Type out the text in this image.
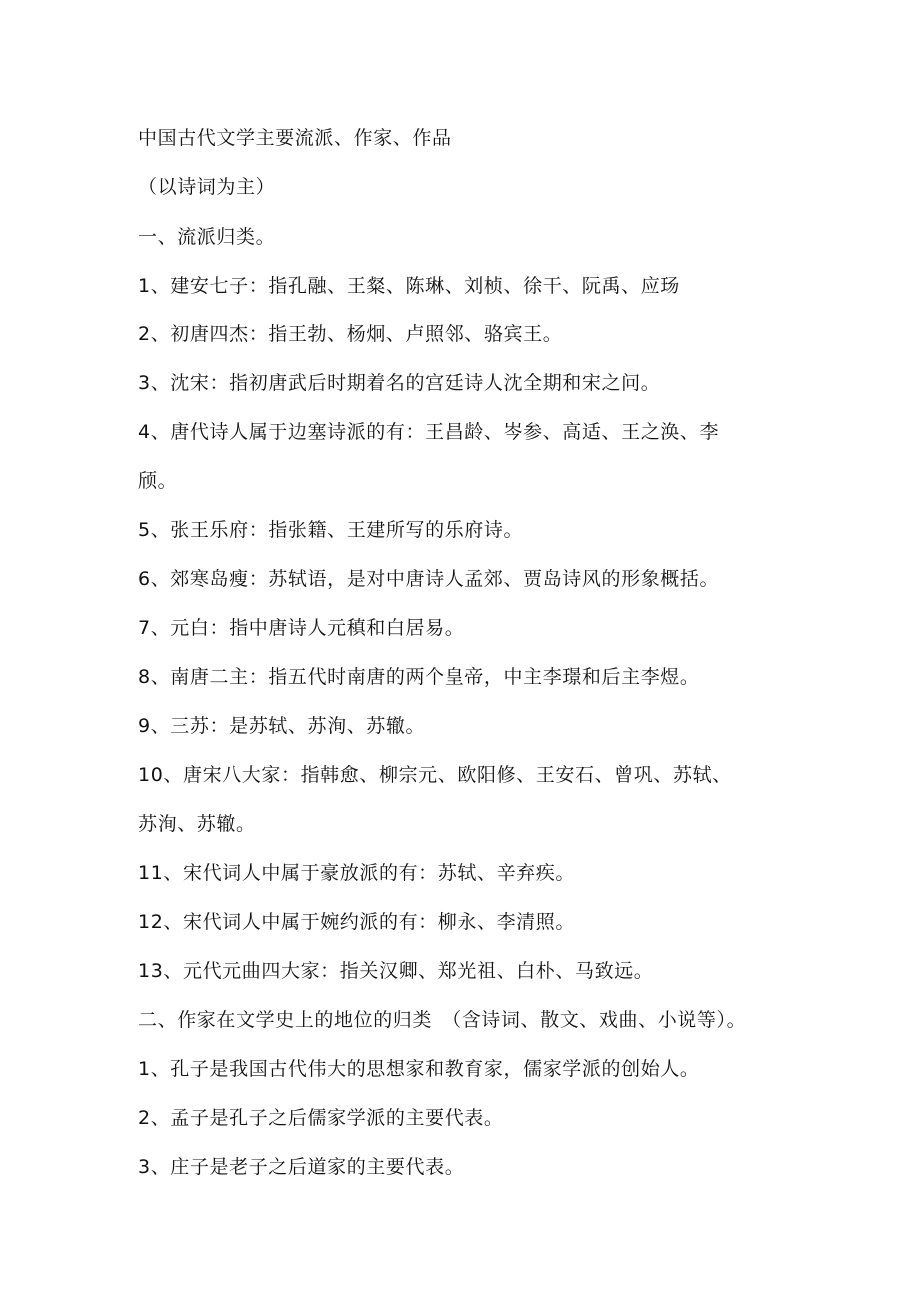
中国古代文学主要流派、作家、作品
（以诗词为主）
一、流派归类。
1、建安七子：指孔融、王粲、陈琳、刘桢、徐干、阮禹、应玚
2、初唐四杰：指王勃、杨炯、卢照邻、骆宾王。
3、沈宋：指初唐武后时期着名的宫廷诗人沈全期和宋之问。
4、唐代诗人属于边塞诗派的有：王昌龄、岑参、高适、王之涣、李
颀。
5、张王乐府：指张籍、王建所写的乐府诗。
6、郊寒岛瘦：苏轼语，是对中唐诗人孟郊、贾岛诗风的形象概括。
7、元白：指中唐诗人元稹和白居易。
8、南唐二主：指五代时南唐的两个皇帝，中主李璟和后主李煜。
9、三苏：是苏轼、苏洵、苏辙。
10、唐宋八大家：指韩愈、柳宗元、欧阳修、王安石、曾巩、苏轼、
苏洵、苏辙。
11、宋代词人中属于豪放派的有：苏轼、辛弃疾。
12、宋代词人中属于婉约派的有：柳永、李清照。
13、元代元曲四大家：指关汉卿、郑光祖、白朴、马致远。
二、作家在文学史上的地位的归类　（含诗词、散文、戏曲、小说等）。
1、孔子是我国古代伟大的思想家和教育家，儒家学派的创始人。
2、孟子是孔子之后儒家学派的主要代表。
3、庄子是老子之后道家的主要代表。
